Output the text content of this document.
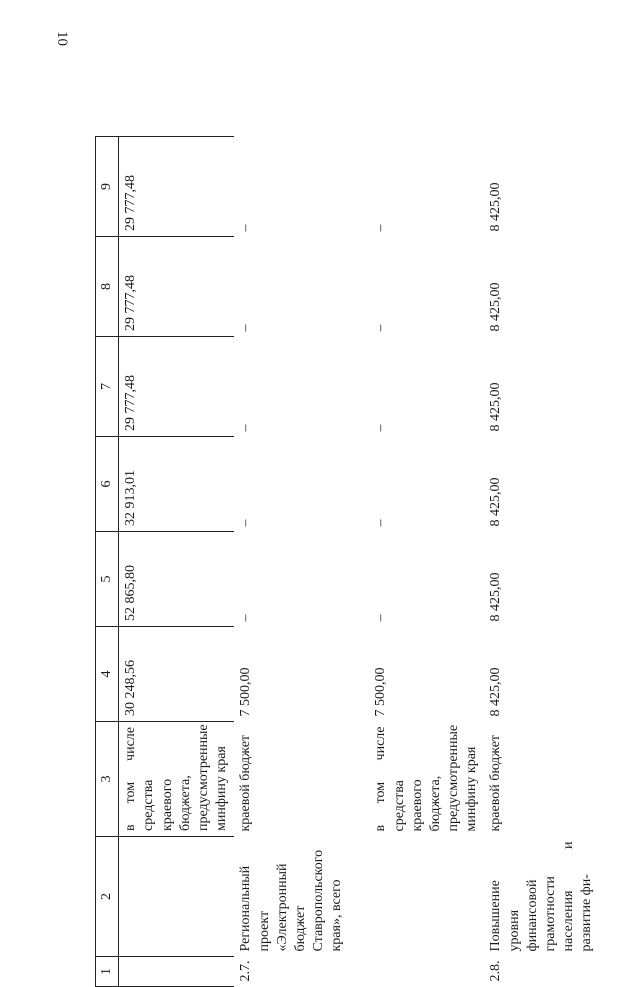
10
1	2	3	4	5	6	7	8	9
		в том числе средства краевого бюджета, предусмотренные минфину края	30 248,56	52 865,80	32 913,01	29 777,48	29 777,48	29 777,48
2.7.	Региональный проект «Электронный бюджет Ставропольского края», всего	краевой бюджет	7 500,00	–	–	–	–	–
		в том числе средства краевого бюджета, предусмотренные минфину края	7 500,00	–	–	–	–	–
2.8.	Повышение уровня финансовой грамотности населения и развитие фи-	краевой бюджет	8 425,00	8 425,00	8 425,00	8 425,00	8 425,00	8 425,00
